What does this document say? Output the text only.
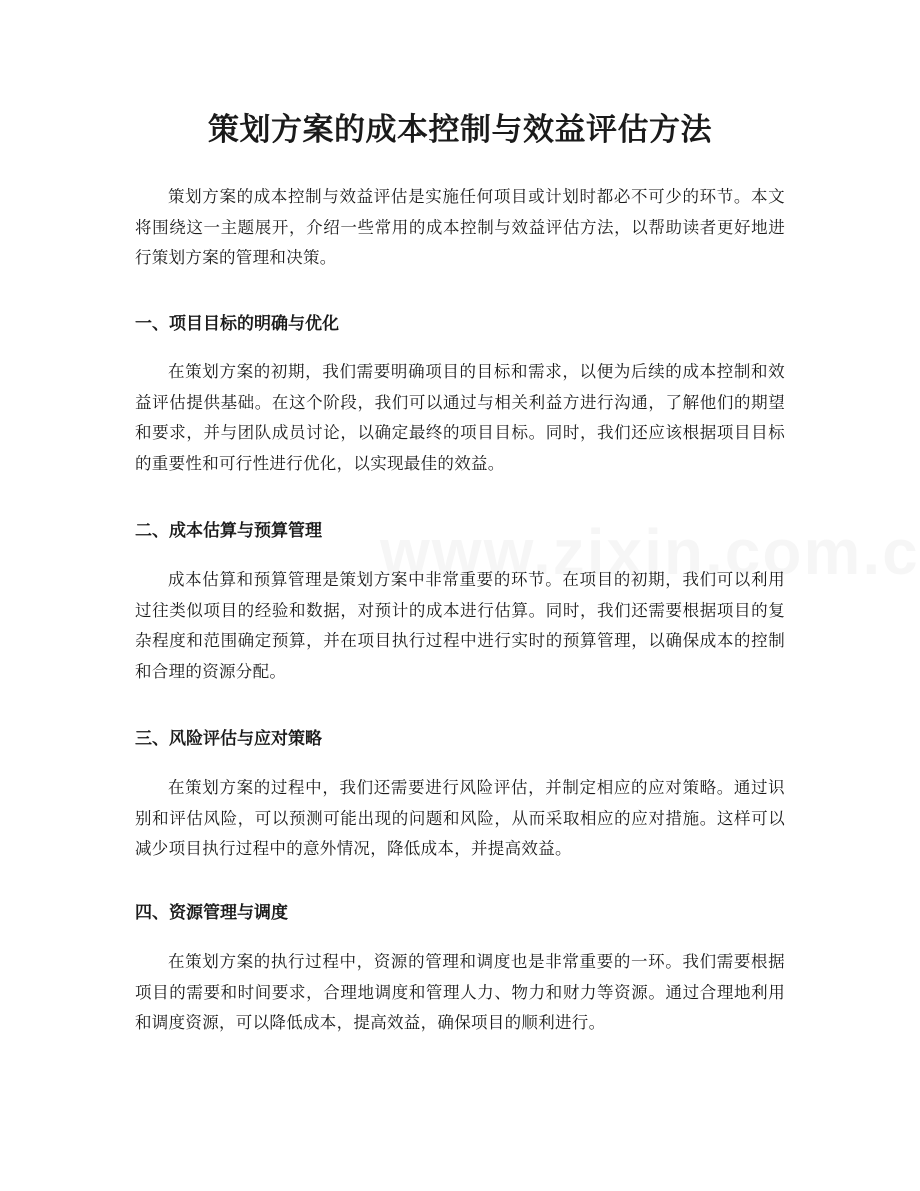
策划方案的成本控制与效益评估方法

策划方案的成本控制与效益评估是实施任何项目或计划时都必不可少的环节。本文将围绕这一主题展开，介绍一些常用的成本控制与效益评估方法，以帮助读者更好地进行策划方案的管理和决策。

一、项目目标的明确与优化

在策划方案的初期，我们需要明确项目的目标和需求，以便为后续的成本控制和效益评估提供基础。在这个阶段，我们可以通过与相关利益方进行沟通，了解他们的期望和要求，并与团队成员讨论，以确定最终的项目目标。同时，我们还应该根据项目目标的重要性和可行性进行优化，以实现最佳的效益。

二、成本估算与预算管理

成本估算和预算管理是策划方案中非常重要的环节。在项目的初期，我们可以利用过往类似项目的经验和数据，对预计的成本进行估算。同时，我们还需要根据项目的复杂程度和范围确定预算，并在项目执行过程中进行实时的预算管理，以确保成本的控制和合理的资源分配。

三、风险评估与应对策略

在策划方案的过程中，我们还需要进行风险评估，并制定相应的应对策略。通过识别和评估风险，可以预测可能出现的问题和风险，从而采取相应的应对措施。这样可以减少项目执行过程中的意外情况，降低成本，并提高效益。

四、资源管理与调度

在策划方案的执行过程中，资源的管理和调度也是非常重要的一环。我们需要根据项目的需要和时间要求，合理地调度和管理人力、物力和财力等资源。通过合理地利用和调度资源，可以降低成本，提高效益，确保项目的顺利进行。
